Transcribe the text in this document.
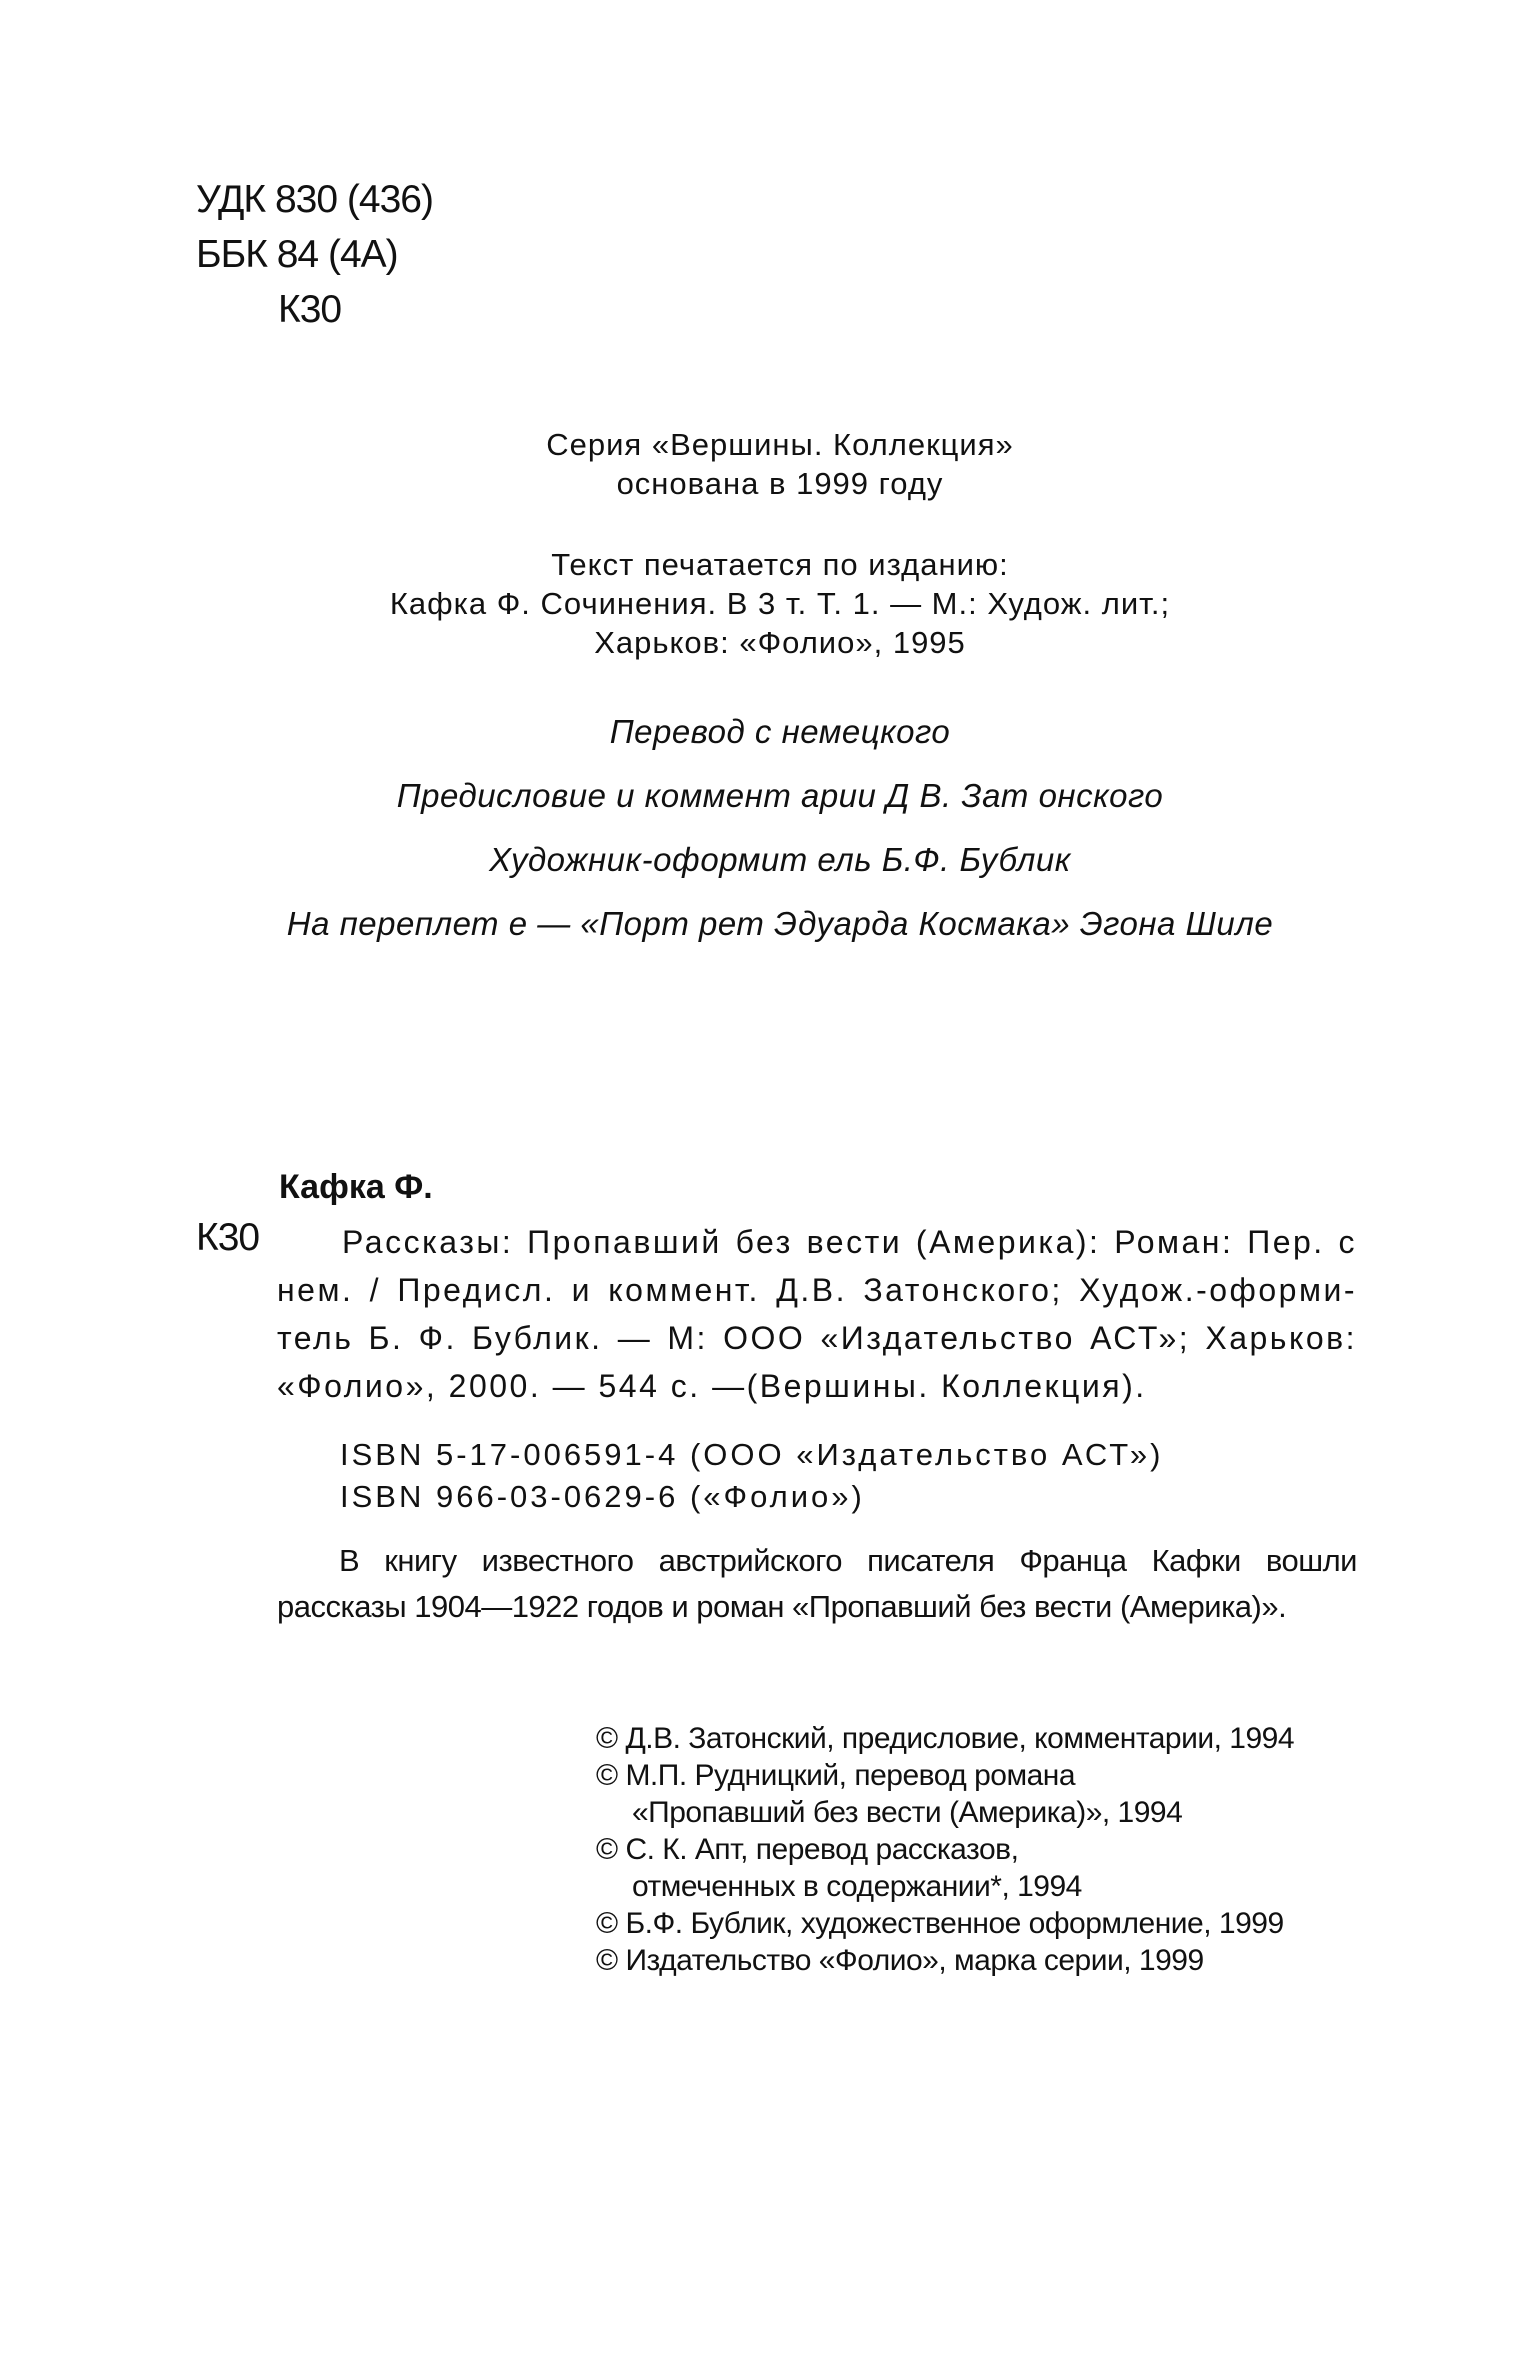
УДК 830 (436)
ББК 84 (4А)
К30
Серия «Вершины. Коллекция»
основана в 1999 году
Текст печатается по изданию:
Кафка Ф. Сочинения. В 3 т. Т. 1. — М.: Худож. лит.;
Харьков: «Фолио», 1995
Перевод с немецкого
Предисловие и коммент арии Д В. Зат онского
Художник-оформит ель Б.Ф. Бублик
На переплет е — «Порт рет Эдуарда Космака» Эгона Шиле
Кафка Ф.
К30	Рассказы: Пропавший без вести (Америка): Роман: Пер. с нем. / Предисл. и коммент. Д.В. Затонского; Худож.-оформи-тель Б. Ф. Бублик. — М: ООО «Издательство АСТ»; Харьков: «Фолио», 2000. — 544 с. —(Вершины. Коллекция).
ISBN 5-17-006591-4 (ООО «Издательство АСТ»)
ISBN 966-03-0629-6 («Фолио»)
В книгу известного австрийского писателя Франца Кафки вошли рассказы 1904—1922 годов и роман «Пропавший без вести (Америка)».
© Д.В. Затонский, предисловие, комментарии, 1994
© М.П. Рудницкий, перевод романа
«Пропавший без вести (Америка)», 1994
© С. К. Апт, перевод рассказов,
отмеченных в содержании*, 1994
© Б.Ф. Бублик, художественное оформление, 1999
© Издательство «Фолио», марка серии, 1999
